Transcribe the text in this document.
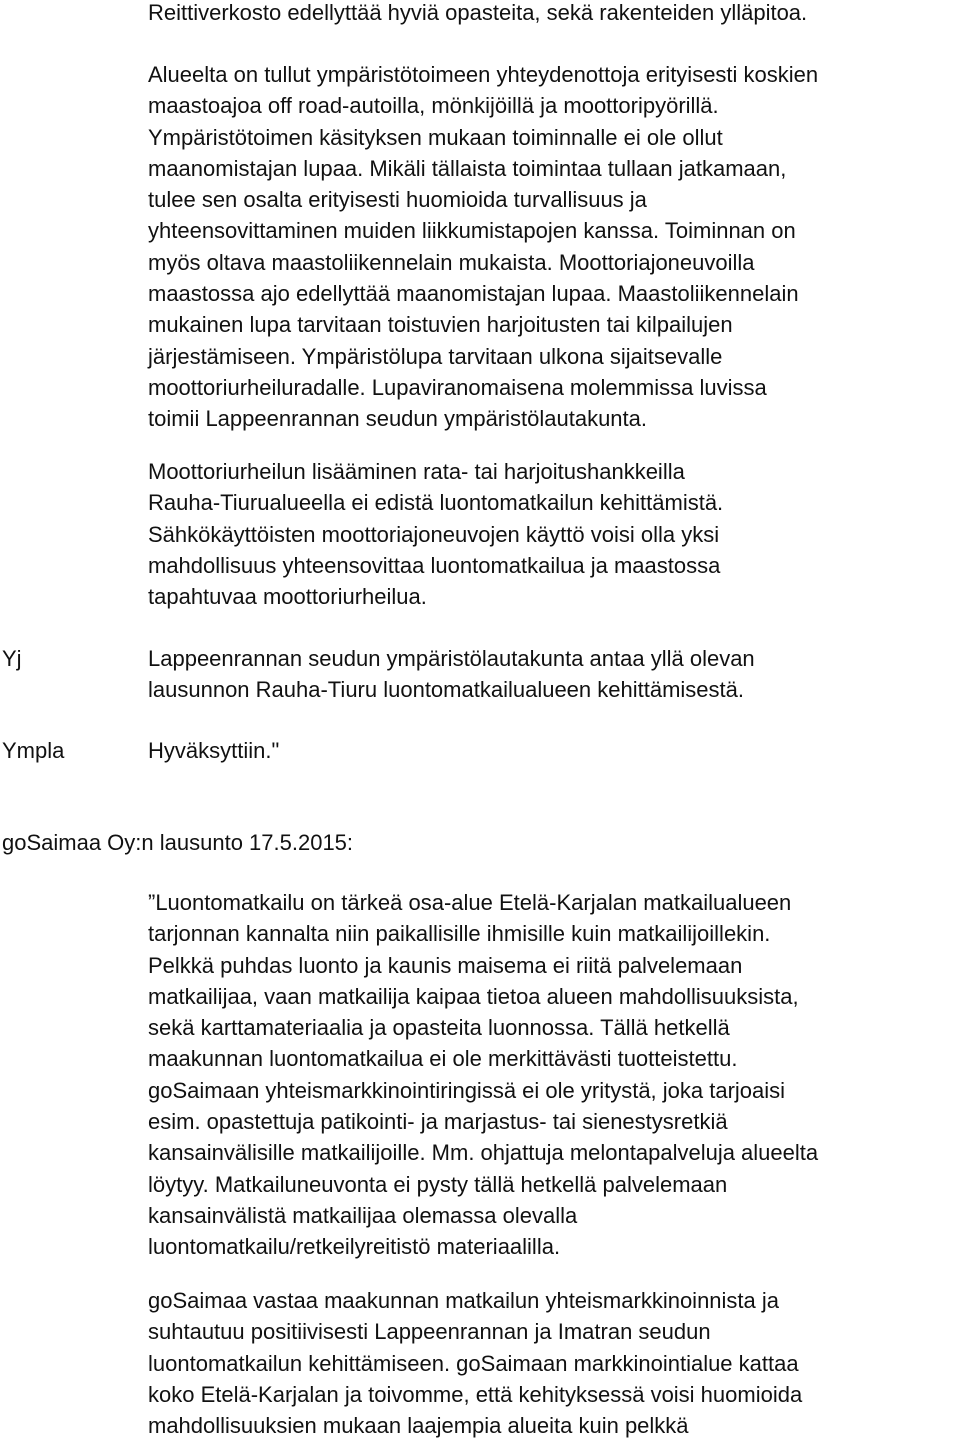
Reittiverkosto edellyttää hyviä opasteita, sekä rakenteiden ylläpitoa.

Alueelta on tullut ympäristötoimeen yhteydenottoja erityisesti koskien
maastoajoa off road-autoilla, mönkijöillä ja moottoripyörillä.
Ympäristötoimen käsityksen mukaan toiminnalle ei ole ollut
maanomistajan lupaa. Mikäli tällaista toimintaa tullaan jatkamaan,
tulee sen osalta erityisesti huomioida turvallisuus ja
yhteensovittaminen muiden liikkumistapojen kanssa. Toiminnan on
myös oltava maastoliikennelain mukaista. Moottoriajoneuvoilla
maastossa ajo edellyttää maanomistajan lupaa. Maastoliikennelain
mukainen lupa tarvitaan toistuvien harjoitusten tai kilpailujen
järjestämiseen. Ympäristölupa tarvitaan ulkona sijaitsevalle
moottoriurheiluradalle. Lupaviranomaisena molemmissa luvissa
toimii Lappeenrannan seudun ympäristölautakunta.

Moottoriurheilun lisääminen rata- tai harjoitushankkeilla
Rauha-Tiurualueella ei edistä luontomatkailun kehittämistä.
Sähkökäyttöisten moottoriajoneuvojen käyttö voisi olla yksi
mahdollisuus yhteensovittaa luontomatkailua ja maastossa
tapahtuvaa moottoriurheilua.

Yj	Lappeenrannan seudun ympäristölautakunta antaa yllä olevan
lausunnon Rauha-Tiuru luontomatkailualueen kehittämisestä.

Ympla	Hyväksyttiin."

goSaimaa Oy:n lausunto 17.5.2015:

”Luontomatkailu on tärkeä osa-alue Etelä-Karjalan matkailualueen
tarjonnan kannalta niin paikallisille ihmisille kuin matkailijoillekin.
Pelkkä puhdas luonto ja kaunis maisema ei riitä palvelemaan
matkailijaa, vaan matkailija kaipaa tietoa alueen mahdollisuuksista,
sekä karttamateriaalia ja opasteita luonnossa. Tällä hetkellä
maakunnan luontomatkailua ei ole merkittävästi tuotteistettu.
goSaimaan yhteismarkkinointiringissä ei ole yritystä, joka tarjoaisi
esim. opastettuja patikointi- ja marjastus- tai sienestysretkiä
kansainvälisille matkailijoille. Mm. ohjattuja melontapalveluja alueelta
löytyy. Matkailuneuvonta ei pysty tällä hetkellä palvelemaan
kansainvälistä matkailijaa olemassa olevalla
luontomatkailu/retkeilyreitistö materiaalilla.

goSaimaa vastaa maakunnan matkailun yhteismarkkinoinnista ja
suhtautuu positiivisesti Lappeenrannan ja Imatran seudun
luontomatkailun kehittämiseen. goSaimaan markkinointialue kattaa
koko Etelä-Karjalan ja toivomme, että kehityksessä voisi huomioida
mahdollisuuksien mukaan laajempia alueita kuin pelkkä
